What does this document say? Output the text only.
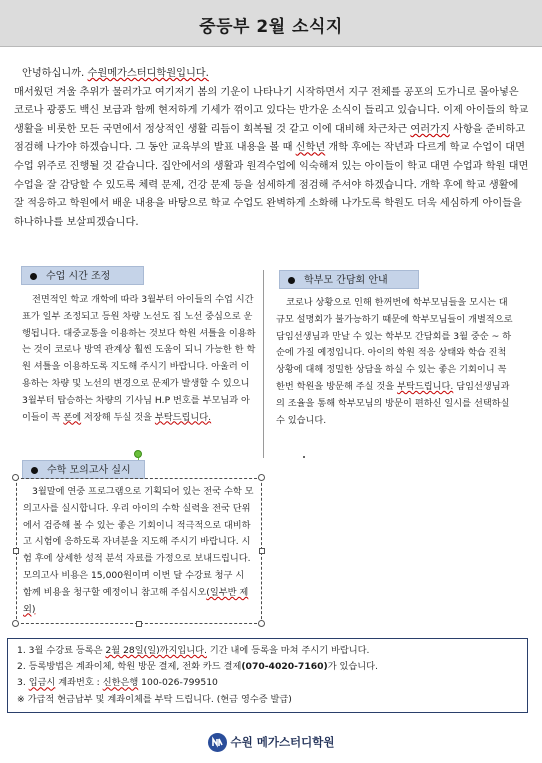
중등부 2월 소식지

안녕하십니까. 수원메가스터디학원입니다.
매서웠던 겨울 추위가 물러가고 여기저기 봄의 기운이 나타나기 시작하면서 지구 전체를 공포의 도가니로 몰아넣은 코로나 광풍도 백신 보급과 함께 현저하게 기세가 꺾이고 있다는 반가운 소식이 들리고 있습니다. 이제 아이들의 학교 생활을 비롯한 모든 국면에서 정상적인 생활 리듬이 회복될 것 같고 이에 대비해 차근차근 여러가지 사항을 준비하고 점검해 나가야 하겠습니다. 그 동안 교육부의 발표 내용을 볼 때 신학년 개학 후에는 작년과 다르게 학교 수업이 대면 수업 위주로 진행될 것 같습니다. 집안에서의 생활과 원격수업에 익숙해져 있는 아이들이 학교 대면 수업과 학원 대면 수업을 잘 감당할 수 있도록 체력 문제, 건강 문제 등을 섬세하게 점검해 주셔야 하겠습니다. 개학 후에 학교 생활에 잘 적응하고 학원에서 배운 내용을 바탕으로 학교 수업도 완벽하게 소화해 나가도록 학원도 더욱 세심하게 아이들을 하나하나를 보살피겠습니다.

수업 시간 조정

전면적인 학교 개학에 따라 3월부터 아이들의 수업 시간표가 일부 조정되고 등원 차량 노선도 집 노선 중심으로 운행됩니다. 대중교통을 이용하는 것보다 학원 셔틀을 이용하는 것이 코로나 방역 관계상 훨씬 도움이 되니 가능한 한 학원 셔틀을 이용하도록 지도해 주시기 바랍니다. 아울러 이용하는 차량 및 노선의 변경으로 문제가 발생할 수 있으니 3월부터 탑승하는 차량의 기사님 H.P 번호를 부모님과 아이들이 꼭 폰에 저장해 두실 것을 부탁드립니다.

학부모 간담회 안내

코로나 상황으로 인해 한꺼번에 학부모님들을 모시는 대규모 설명회가 불가능하기 때문에 학부모님들이 개별적으로 담임선생님과 만날 수 있는 학부모 간담회를 3월 중순 ~ 하순에 가질 예정입니다. 아이의 학원 적응 상태와 학습 진척 상황에 대해 정밀한 상담을 하실 수 있는 좋은 기회이니 꼭 한번 학원을 방문해 주실 것을 부탁드립니다. 담임선생님과의 조율을 통해 학부모님의 방문이 편하신 일시를 선택하실 수 있습니다.

수학 모의고사 실시

3월말에 연중 프로그램으로 기획되어 있는 전국 수학 모의고사를 실시합니다. 우리 아이의 수학 실력을 전국 단위에서 검증해 볼 수 있는 좋은 기회이니 적극적으로 대비하고 시험에 응하도록 자녀분을 지도해 주시기 바랍니다. 시험 후에 상세한 성적 분석 자료를 가정으로 보내드립니다. 모의고사 비용은 15,000원이며 이번 달 수강료 청구 시 함께 비용을 청구할 예정이니 참고해 주십시오(일부반 제외)

1. 3월 수강료 등록은 2월 28일(일)까지입니다. 기간 내에 등록을 마쳐 주시기 바랍니다.

2. 등록방법은 계좌이체, 학원 방문 결제, 전화 카드 결제(070-4020-7160)가 있습니다.

3. 입금시 계좌번호 : 신한은행 100-026-799510

※ 가급적 현금납부 및 계좌이체를 부탁 드립니다. (현금 영수증 발급)

수원 메가스터디학원
